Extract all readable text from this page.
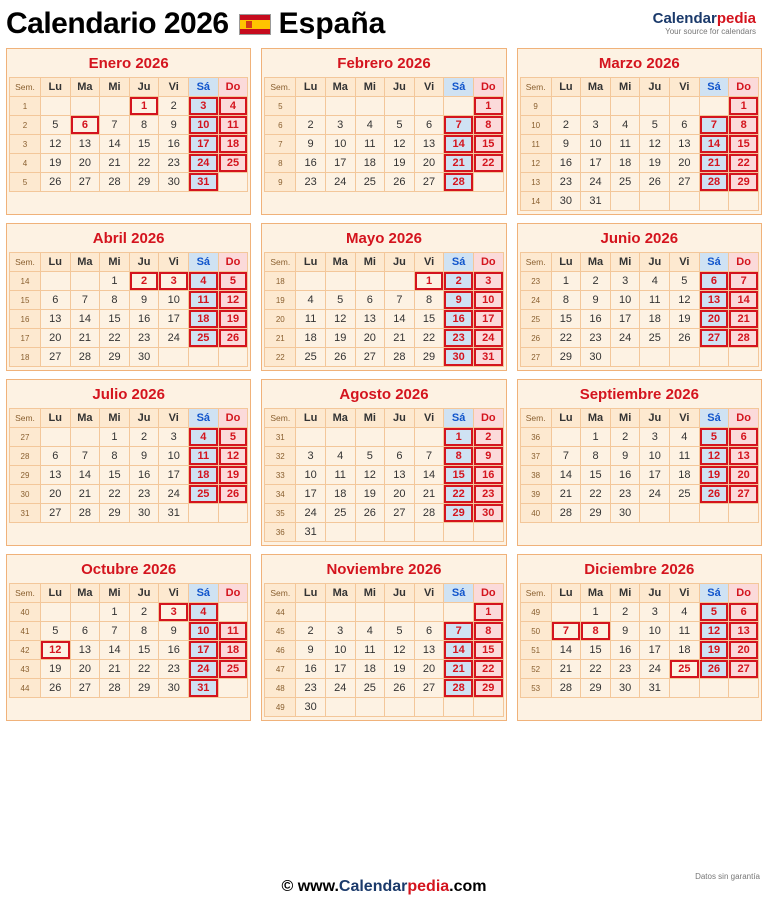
Calendario 2026 España	Calendarpedia
Your source for calendars
Enero 2026
Sem.	Lu	Ma	Mi	Ju	Vi	Sá	Do
1				1	2	3	4
2	5	6	7	8	9	10	11
3	12	13	14	15	16	17	18
4	19	20	21	22	23	24	25
5	26	27	28	29	30	31	
Febrero 2026
Sem.	Lu	Ma	Mi	Ju	Vi	Sá	Do
5							1
6	2	3	4	5	6	7	8
7	9	10	11	12	13	14	15
8	16	17	18	19	20	21	22
9	23	24	25	26	27	28	
Marzo 2026
Sem.	Lu	Ma	Mi	Ju	Vi	Sá	Do
9							1
10	2	3	4	5	6	7	8
11	9	10	11	12	13	14	15
12	16	17	18	19	20	21	22
13	23	24	25	26	27	28	29
14	30	31					
Abril 2026
Sem.	Lu	Ma	Mi	Ju	Vi	Sá	Do
14			1	2	3	4	5
15	6	7	8	9	10	11	12
16	13	14	15	16	17	18	19
17	20	21	22	23	24	25	26
18	27	28	29	30			
Mayo 2026
Sem.	Lu	Ma	Mi	Ju	Vi	Sá	Do
18					1	2	3
19	4	5	6	7	8	9	10
20	11	12	13	14	15	16	17
21	18	19	20	21	22	23	24
22	25	26	27	28	29	30	31
Junio 2026
Sem.	Lu	Ma	Mi	Ju	Vi	Sá	Do
23	1	2	3	4	5	6	7
24	8	9	10	11	12	13	14
25	15	16	17	18	19	20	21
26	22	23	24	25	26	27	28
27	29	30					
Julio 2026
Sem.	Lu	Ma	Mi	Ju	Vi	Sá	Do
27			1	2	3	4	5
28	6	7	8	9	10	11	12
29	13	14	15	16	17	18	19
30	20	21	22	23	24	25	26
31	27	28	29	30	31		
Agosto 2026
Sem.	Lu	Ma	Mi	Ju	Vi	Sá	Do
31						1	2
32	3	4	5	6	7	8	9
33	10	11	12	13	14	15	16
34	17	18	19	20	21	22	23
35	24	25	26	27	28	29	30
36	31						
Septiembre 2026
Sem.	Lu	Ma	Mi	Ju	Vi	Sá	Do
36		1	2	3	4	5	6
37	7	8	9	10	11	12	13
38	14	15	16	17	18	19	20
39	21	22	23	24	25	26	27
40	28	29	30				
Octubre 2026
Sem.	Lu	Ma	Mi	Ju	Vi	Sá	Do
40			1	2	3	4	
41	5	6	7	8	9	10	11
42	12	13	14	15	16	17	18
43	19	20	21	22	23	24	25
44	26	27	28	29	30	31	
Noviembre 2026
Sem.	Lu	Ma	Mi	Ju	Vi	Sá	Do
44							1
45	2	3	4	5	6	7	8
46	9	10	11	12	13	14	15
47	16	17	18	19	20	21	22
48	23	24	25	26	27	28	29
49	30						
Diciembre 2026
Sem.	Lu	Ma	Mi	Ju	Vi	Sá	Do
49		1	2	3	4	5	6
50	7	8	9	10	11	12	13
51	14	15	16	17	18	19	20
52	21	22	23	24	25	26	27
53	28	29	30	31			
© www.Calendarpedia.com
Datos sin garantía
